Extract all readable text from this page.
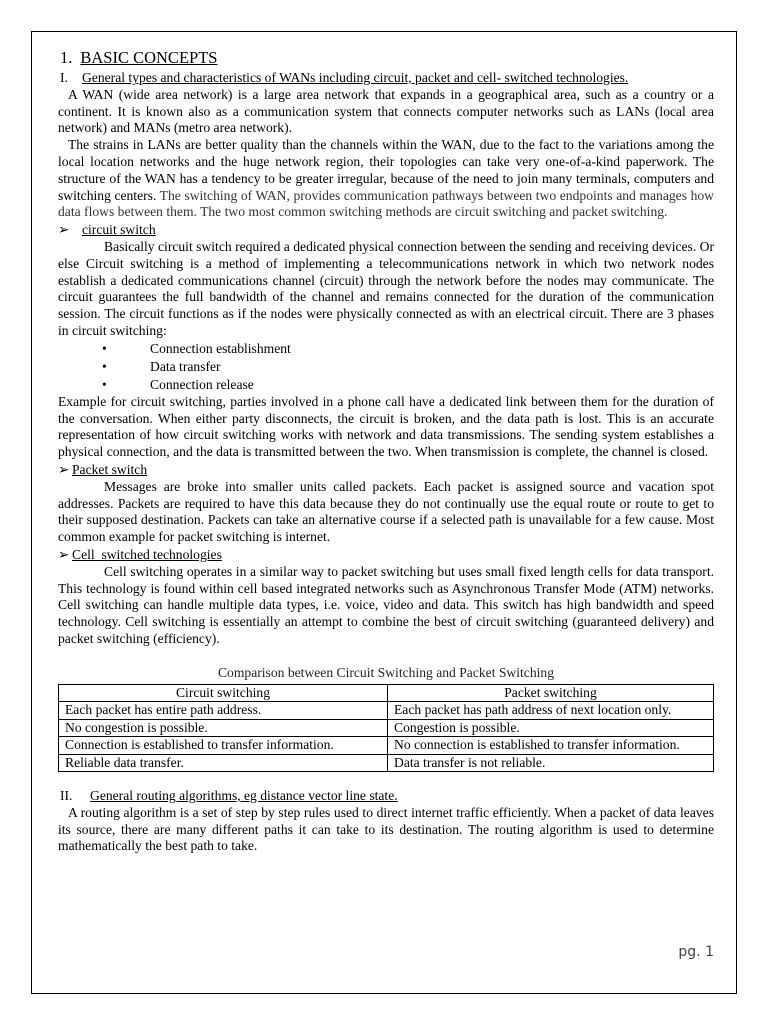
1. BASIC CONCEPTS
I. General types and characteristics of WANs including circuit, packet and cell- switched technologies.

A WAN (wide area network) is a large area network that expands in a geographical area, such as a country or a continent. It is known also as a communication system that connects computer networks such as LANs (local area network) and MANs (metro area network).

The strains in LANs are better quality than the channels within the WAN, due to the fact to the variations among the local location networks and the huge network region, their topologies can take very one-of-a-kind paperwork. The structure of the WAN has a tendency to be greater irregular, because of the need to join many terminals, computers and switching centers. The switching of WAN, provides communication pathways between two endpoints and manages how data flows between them. The two most common switching methods are circuit switching and packet switching.

➢ circuit switch

Basically circuit switch required a dedicated physical connection between the sending and receiving devices. Or else Circuit switching is a method of implementing a telecommunications network in which two network nodes establish a dedicated communications channel (circuit) through the network before the nodes may communicate. The circuit guarantees the full bandwidth of the channel and remains connected for the duration of the communication session. The circuit functions as if the nodes were physically connected as with an electrical circuit. There are 3 phases in circuit switching:

•	Connection establishment
•	Data transfer
•	Connection release

Example for circuit switching, parties involved in a phone call have a dedicated link between them for the duration of the conversation. When either party disconnects, the circuit is broken, and the data path is lost. This is an accurate representation of how circuit switching works with network and data transmissions. The sending system establishes a physical connection, and the data is transmitted between the two. When transmission is complete, the channel is closed.

➢ Packet switch

Messages are broke into smaller units called packets. Each packet is assigned source and vacation spot addresses. Packets are required to have this data because they do not continually use the equal route or route to get to their supposed destination. Packets can take an alternative course if a selected path is unavailable for a few cause. Most common example for packet switching is internet.

➢ Cell  switched technologies

Cell switching operates in a similar way to packet switching but uses small fixed length cells for data transport. This technology is found within cell based integrated networks such as Asynchronous Transfer Mode (ATM) networks. Cell switching can handle multiple data types, i.e. voice, video and data. This switch has high bandwidth and speed technology. Cell switching is essentially an attempt to combine the best of circuit switching (guaranteed delivery) and packet switching (efficiency).

Comparison between Circuit Switching and Packet Switching
Circuit switching	Packet switching
Each packet has entire path address.	Each packet has path address of next location only.
No congestion is possible.	Congestion is possible.
Connection is established to transfer information.	No connection is established to transfer information.
Reliable data transfer.	Data transfer is not reliable.
II. General routing algorithms, eg distance vector line state.

A routing algorithm is a set of step by step rules used to direct internet traffic efficiently. When a packet of data leaves its source, there are many different paths it can take to its destination. The routing algorithm is used to determine mathematically the best path to take.

pg. 1
